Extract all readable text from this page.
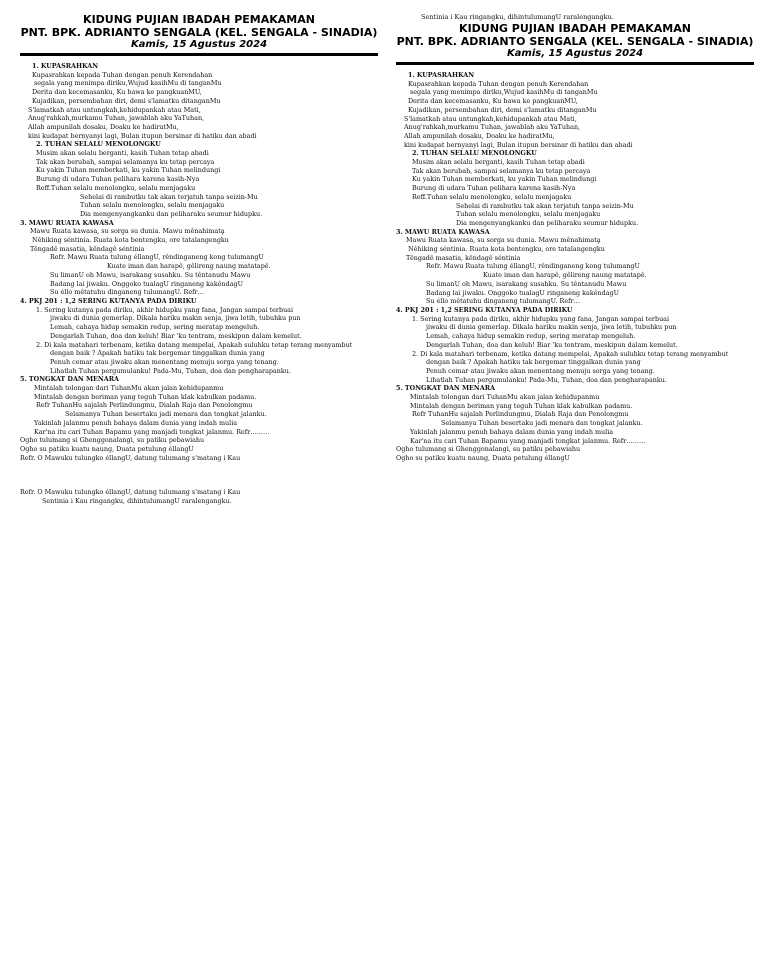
KIDUNG PUJIAN IBADAH PEMAKAMAN
PNT. BPK. ADRIANTO SENGALA (KEL. SENGALA - SINADIA)
Kamis, 15 Agustus 2024
1. KUPASRAHKAN
Kupasrahkan kepada Tuhan dengan penuh Kerendahan
segala yang menimpa diriku,Wujud kasihMu di tanganMu
Derita dan kecemasanku, Ku bawa ke pangkuanMU,
Kujadikan, persembahan diri, demi s'lamatku ditanganMu
S'lamatkah atau untungkah,kehidupankah atau Mati,
Anug'rahkah,murkamu Tuhan, jawablah aku YaTuhan,
Allah ampunilah dosaku, Doaku ke hadiratMu,
kini kudapat bernyanyi lagi, Bulan itupun bersinar di hatiku dan abadi
2. TUHAN SELALU MENOLONGKU
Musim akan selalu berganti, kasih Tuhan tetap abadi
Tak akan berubah, sampai selamanya ku tetap percaya
Ku yakin Tuhan memberkati, ku yakin Tuhan melindungi
Burung di udara Tuhan pelihara karena kasih-Nya
Reff.Tuhan selalu menolongku, selalu menjagaku
Sehelai di rambutku tak akan terjatuh tanpa seizin-Mu
Tuhan selalu menolongku, selalu menjagaku
Dia mengenyangkanku dan peliharaku seumur hidupku.
3. MAWU RUATA KAWASA
Mawu Ruata kawasa, su sorga su dunia. Mawu mênahimatḁ
Nêhiking séntinia. Ruata kota bentengku, ore tatalangengku
Têngadê masatia, kêndagê séntinia
Refr. Mawu Ruata tulung éllangU, rêndinganeng kong tulumangU
Kuate iman dan harapê, gêlireng naung matatapê.
Su limanU oh Mawu, isarakang susahku. Su têntanudu Mawu
Badang lai jiwaku. Onggoko tualagU ringaneng kakêndagU
Su éllo mêtatuhu dinganeng tulumangU. Refr…
4. PKJ 201 : 1,2 SERING KUTANYA PADA DIRIKU
1. Sering kutanya pada diriku, akhir hidupku yang fana, Jangan sampai terbuai
jiwaku di dunia gemerlap. Dikala hariku makin senja, jiwa letih, tubuhku pun
Lemah, cahaya hidup semakin redup, sering meratap mengeluh.
Dengarlah Tuhan, doa dan keluh! Biar 'ku tentram, meskipun dalam kemelut.
2. Di kala matahari terbenam, ketika datang mempelai, Apakah suluhku tetap terang menyambut
dengan baik ? Apakah hatiku tak bergemar tinggalkan dunia yang
Penuh cemar atau jiwaku akan menentang menuju sorga yang tenang.
Lihatlah Tuhan pergumulanku! Pada-Mu, Tuhan, doa dan pengharapanku.
5. TONGKAT DAN MENARA
Mintalah tolongan dari TuhanMu akan jalan kehidupanmu
Mintalah dengan beriman yang teguh Tuhan klak kabulkan padamu.
Refr TuhanHu sajalah Perlindungmu, Dialah Raja dan Penolongmu
Selamanya Tuhan besertaku jadi menara dan tongkat jalanku.
Yakinlah jalanmu penuh bahaya dalam dunia yang indah mulia
Kar'na itu cari Tuhan Bapamu yang manjadi tongkat jalanmu. Refr………
Ogho tulumang si Ghenggonalangi, su patiku pebawiahu
Ogho su patiku kuatu naung, Duata petulung éllangU
Refr. O Mawuku tulungko éllangU, datung tulumang s'matang i Kau
Refr. O Mawuku tulungko éllangU, datung tulumang s'matang i Kau
Sentinia i Kau ringangku, dihintulumangU raralengangku.
Sentinia i Kau ringangku, dihintulumangU raralengangku.
KIDUNG PUJIAN IBADAH PEMAKAMAN
PNT. BPK. ADRIANTO SENGALA (KEL. SENGALA - SINADIA)
Kamis, 15 Agustus 2024
1. KUPASRAHKAN
Kupasrahkan kepada Tuhan dengan penuh Kerendahan
segala yang menimpa diriku,Wujud kasihMu di tanganMu
Derita dan kecemasanku, Ku bawa ke pangkuanMU,
Kujadikan, persembahan diri, demi s'lamatku ditanganMu
S'lamatkah atau untungkah,kehidupankah atau Mati,
Anug'rahkah,murkamu Tuhan, jawablah aku YaTuhan,
Allah ampunilah dosaku, Doaku ke hadiratMu,
kini kudapat bernyanyi lagi, Bulan itupun bersinar di hatiku dan abadi
2. TUHAN SELALU MENOLONGKU
Musim akan selalu berganti, kasih Tuhan tetap abadi
Tak akan berubah, sampai selamanya ku tetap percaya
Ku yakin Tuhan memberkati, ku yakin Tuhan melindungi
Burung di udara Tuhan pelihara karena kasih-Nya
Reff.Tuhan selalu menolongku, selalu menjagaku
Sehelai di rambutku tak akan terjatuh tanpa seizin-Mu
Tuhan selalu menolongku, selalu menjagaku
Dia mengenyangkanku dan peliharaku seumur hidupku.
3. MAWU RUATA KAWASA
Mawu Ruata kawasa, su sorga su dunia. Mawu mênahimatḁ
Nêhiking séntinia. Ruata kota bentengku, ore tatalangengku
Têngadê masatia, kêndagê séntinia
Refr. Mawu Ruata tulung éllangU, rêndinganeng kong tulumangU
Kuate iman dan harapê, gêlireng naung matatapê.
Su limanU oh Mawu, isarakang susahku. Su têntanudu Mawu
Badang lai jiwaku. Onggoko tualagU ringaneng kakêndagU
Su éllo mêtatuhu dinganeng tulumangU. Refr…
4. PKJ 201 : 1,2 SERING KUTANYA PADA DIRIKU
1. Sering kutanya pada diriku, akhir hidupku yang fana, Jangan sampai terbuai
jiwaku di dunia gemerlap. Dikala hariku makin senja, jiwa letih, tubuhku pun
Lemah, cahaya hidup semakin redup, sering meratap mengeluh.
Dengarlah Tuhan, doa dan keluh! Biar 'ku tentram, meskipun dalam kemelut.
2. Di kala matahari terbenam, ketika datang mempelai, Apakah suluhku tetap terang menyambut
dengan baik ? Apakah hatiku tak bergemar tinggalkan dunia yang
Penuh cemar atau jiwaku akan menentang menuju sorga yang tenang.
Lihatlah Tuhan pergumulanku! Pada-Mu, Tuhan, doa dan pengharapanku.
5. TONGKAT DAN MENARA
Mintalah tolongan dari TuhanMu akan jalan kehidupanmu
Mintalah dengan beriman yang teguh Tuhan klak kabulkan padamu.
Refr TuhanHu sajalah Perlindungmu, Dialah Raja dan Penolongmu
Selamanya Tuhan besertaku jadi menara dan tongkat jalanku.
Yakinlah jalanmu penuh bahaya dalam dunia yang indah mulia
Kar'na itu cari Tuhan Bapamu yang manjadi tongkat jalanmu. Refr………
Ogho tulumang si Ghenggonalangi, su patiku pebawiahu
Ogho su patiku kuatu naung, Duata petulung éllangU
